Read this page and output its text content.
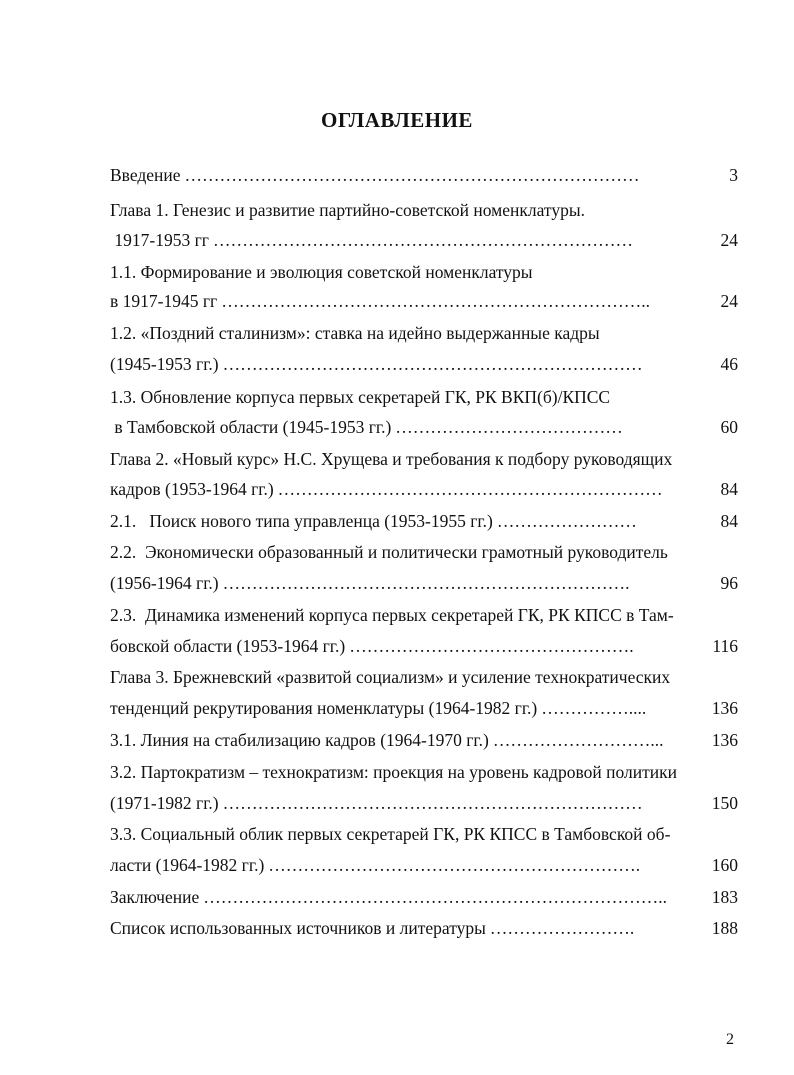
ОГЛАВЛЕНИЕ
Введение ……………………………………………………………………	3
Глава 1. Генезис и развитие партийно-советской номенклатуры.
1917-1953 гг ………………………………………………………………	24
1.1. Формирование и эволюция советской номенклатуры
в 1917-1945 гг ………………………………………………………………..	24
1.2. «Поздний сталинизм»: ставка на идейно выдержанные кадры
(1945-1953 гг.) ………………………………………………………………	46
1.3. Обновление корпуса первых секретарей ГК, РК ВКП(б)/КПСС
в Тамбовской области (1945-1953 гг.) …………………………………	60
Глава 2. «Новый курс» Н.С. Хрущева и требования к подбору руководящих
кадров (1953-1964 гг.) …………………………………………………………	84
2.1.   Поиск нового типа управленца (1953-1955 гг.) ……………………	84
2.2.  Экономически образованный и политически грамотный руководитель
(1956-1964 гг.) …………………………………………………………….	96
2.3.  Динамика изменений корпуса первых секретарей ГК, РК КПСС в Там-
бовской области (1953-1964 гг.) ………………………………………….	116
Глава 3. Брежневский «развитой социализм» и усиление технократических
тенденций рекрутирования номенклатуры (1964-1982 гг.) ……………....	136
3.1. Линия на стабилизацию кадров (1964-1970 гг.) ………………………...	136
3.2. Партократизм – технократизм: проекция на уровень кадровой политики
(1971-1982 гг.) ………………………………………………………………	150
3.3. Социальный облик первых секретарей ГК, РК КПСС в Тамбовской об-
ласти (1964-1982 гг.) ……………………………………………………….	160
Заключение ……………………………………………………………………..	183
Список использованных источников и литературы …………………….	188
2
